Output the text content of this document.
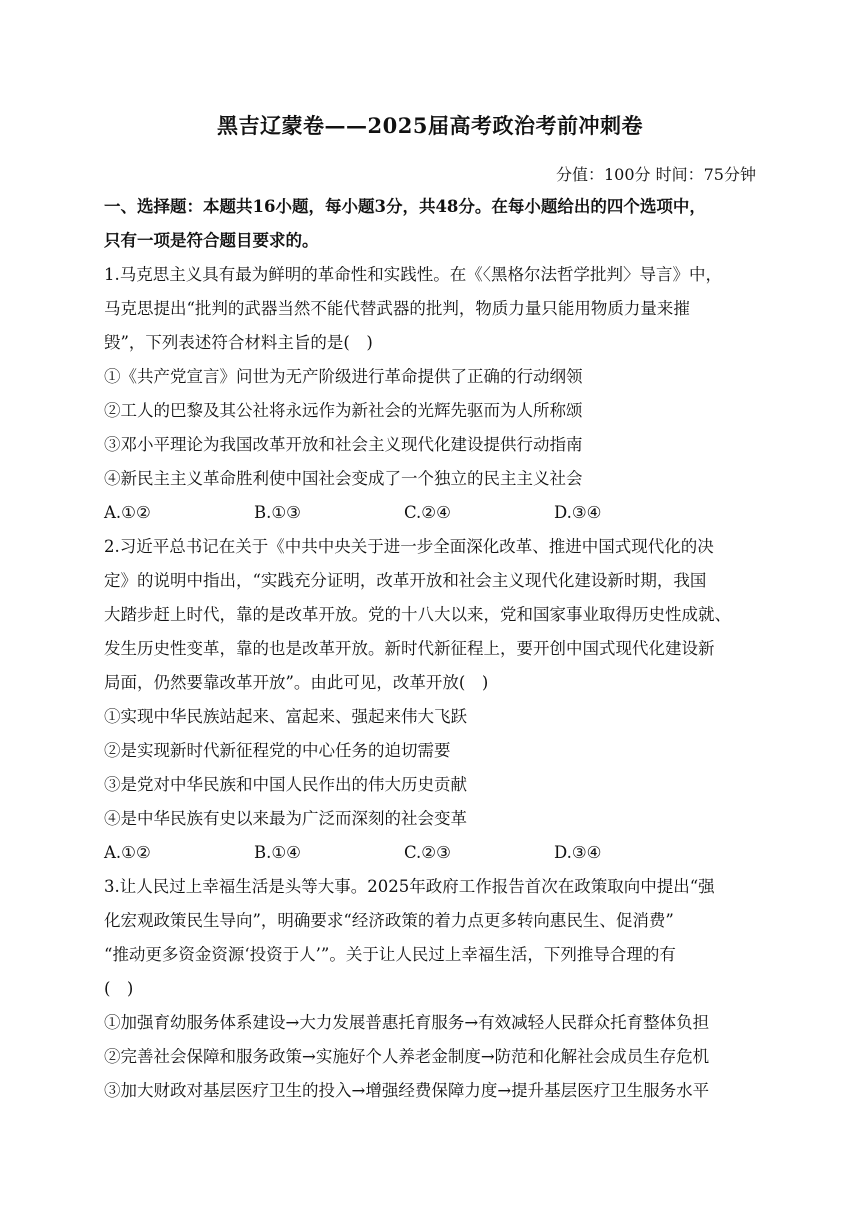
黑吉辽蒙卷——2025届高考政治考前冲刺卷
分值：100分 时间：75分钟
一、选择题：本题共16小题，每小题3分，共48分。在每小题给出的四个选项中，
只有一项是符合题目要求的。
1.马克思主义具有最为鲜明的革命性和实践性。在《〈黑格尔法哲学批判〉导言》中，
马克思提出“批判的武器当然不能代替武器的批判，物质力量只能用物质力量来摧
毁”，下列表述符合材料主旨的是(　)
①《共产党宣言》问世为无产阶级进行革命提供了正确的行动纲领
②工人的巴黎及其公社将永远作为新社会的光辉先驱而为人所称颂
③邓小平理论为我国改革开放和社会主义现代化建设提供行动指南
④新民主主义革命胜利使中国社会变成了一个独立的民主主义社会
A.①②	B.①③	C.②④	D.③④
2.习近平总书记在关于《中共中央关于进一步全面深化改革、推进中国式现代化的决
定》的说明中指出，“实践充分证明，改革开放和社会主义现代化建设新时期，我国
大踏步赶上时代，靠的是改革开放。党的十八大以来，党和国家事业取得历史性成就、
发生历史性变革，靠的也是改革开放。新时代新征程上，要开创中国式现代化建设新
局面，仍然要靠改革开放”。由此可见，改革开放(　)
①实现中华民族站起来、富起来、强起来伟大飞跃
②是实现新时代新征程党的中心任务的迫切需要
③是党对中华民族和中国人民作出的伟大历史贡献
④是中华民族有史以来最为广泛而深刻的社会变革
A.①②	B.①④	C.②③	D.③④
3.让人民过上幸福生活是头等大事。2025年政府工作报告首次在政策取向中提出“强
化宏观政策民生导向”，明确要求“经济政策的着力点更多转向惠民生、促消费”
“推动更多资金资源‘投资于人’”。关于让人民过上幸福生活，下列推导合理的有
(　)
①加强育幼服务体系建设→大力发展普惠托育服务→有效减轻人民群众托育整体负担
②完善社会保障和服务政策→实施好个人养老金制度→防范和化解社会成员生存危机
③加大财政对基层医疗卫生的投入→增强经费保障力度→提升基层医疗卫生服务水平
